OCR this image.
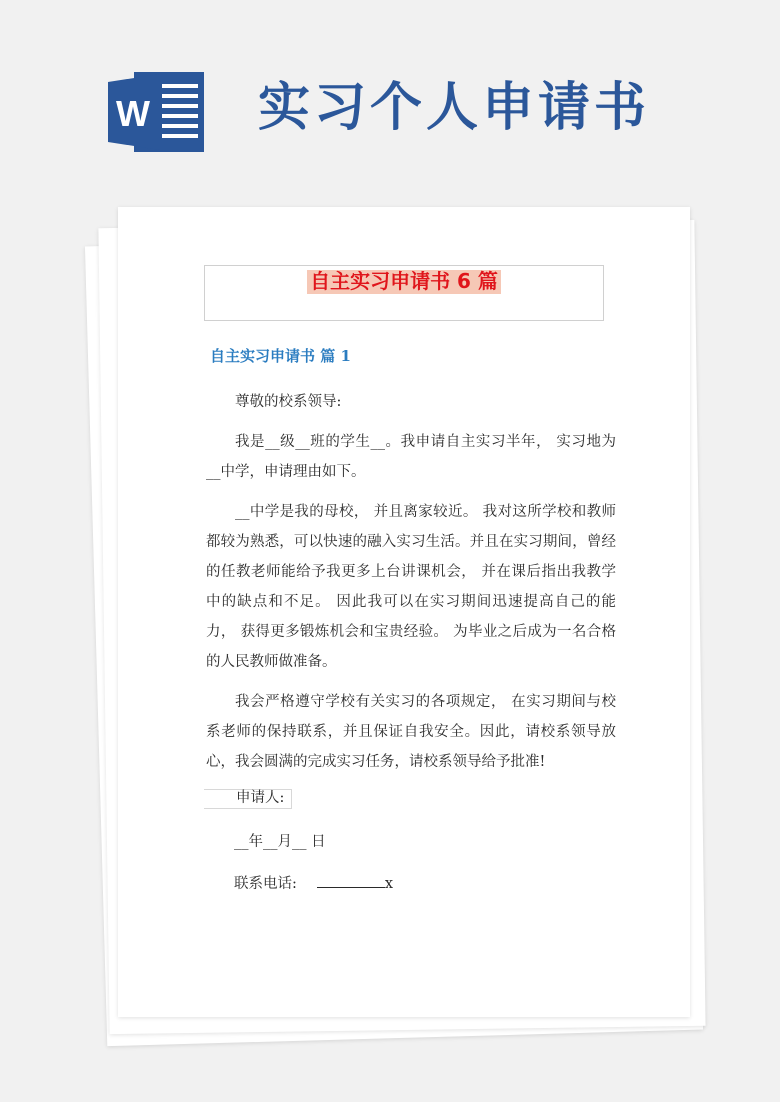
W 实习个人申请书
自主实习申请书 6 篇
自主实习申请书 篇 1

尊敬的校系领导:

我是__级__班的学生__。我申请自主实习半年， 实习地为__中学，申请理由如下。

__中学是我的母校， 并且离家较近。 我对这所学校和教师都较为熟悉，可以快速的融入实习生活。并且在实习期间，曾经的任教老师能给予我更多上台讲课机会， 并在课后指出我教学中的缺点和不足。 因此我可以在实习期间迅速提高自己的能力， 获得更多锻炼机会和宝贵经验。 为毕业之后成为一名合格的人民教师做准备。

我会严格遵守学校有关实习的各项规定， 在实习期间与校系老师的保持联系，并且保证自我安全。因此，请校系领导放心，我会圆满的完成实习任务，请校系领导给予批准!

申请人:
__年__月__ 日
联系电话:	x
